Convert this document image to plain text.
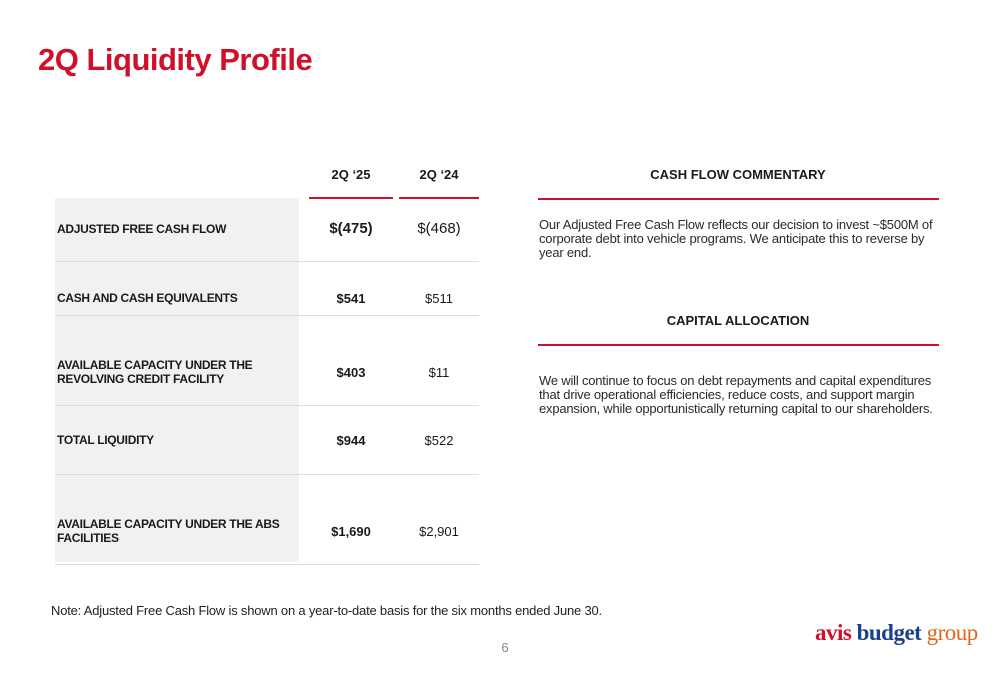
2Q Liquidity Profile
2Q ‘25	2Q ‘24
ADJUSTED FREE CASH FLOW	$(475)	$(468)
CASH AND CASH EQUIVALENTS	$541	$511
AVAILABLE CAPACITY UNDER THE REVOLVING CREDIT FACILITY	$403	$11
TOTAL LIQUIDITY	$944	$522
AVAILABLE CAPACITY UNDER THE ABS FACILITIES	$1,690	$2,901
CASH FLOW COMMENTARY
Our Adjusted Free Cash Flow reflects our decision to invest ~$500M of corporate debt into vehicle programs. We anticipate this to reverse by year end.
CAPITAL ALLOCATION
We will continue to focus on debt repayments and capital expenditures that drive operational efficiencies, reduce costs, and support margin expansion, while opportunistically returning capital to our shareholders.
Note: Adjusted Free Cash Flow is shown on a year-to-date basis for the six months ended June 30.
6
avis budget group
